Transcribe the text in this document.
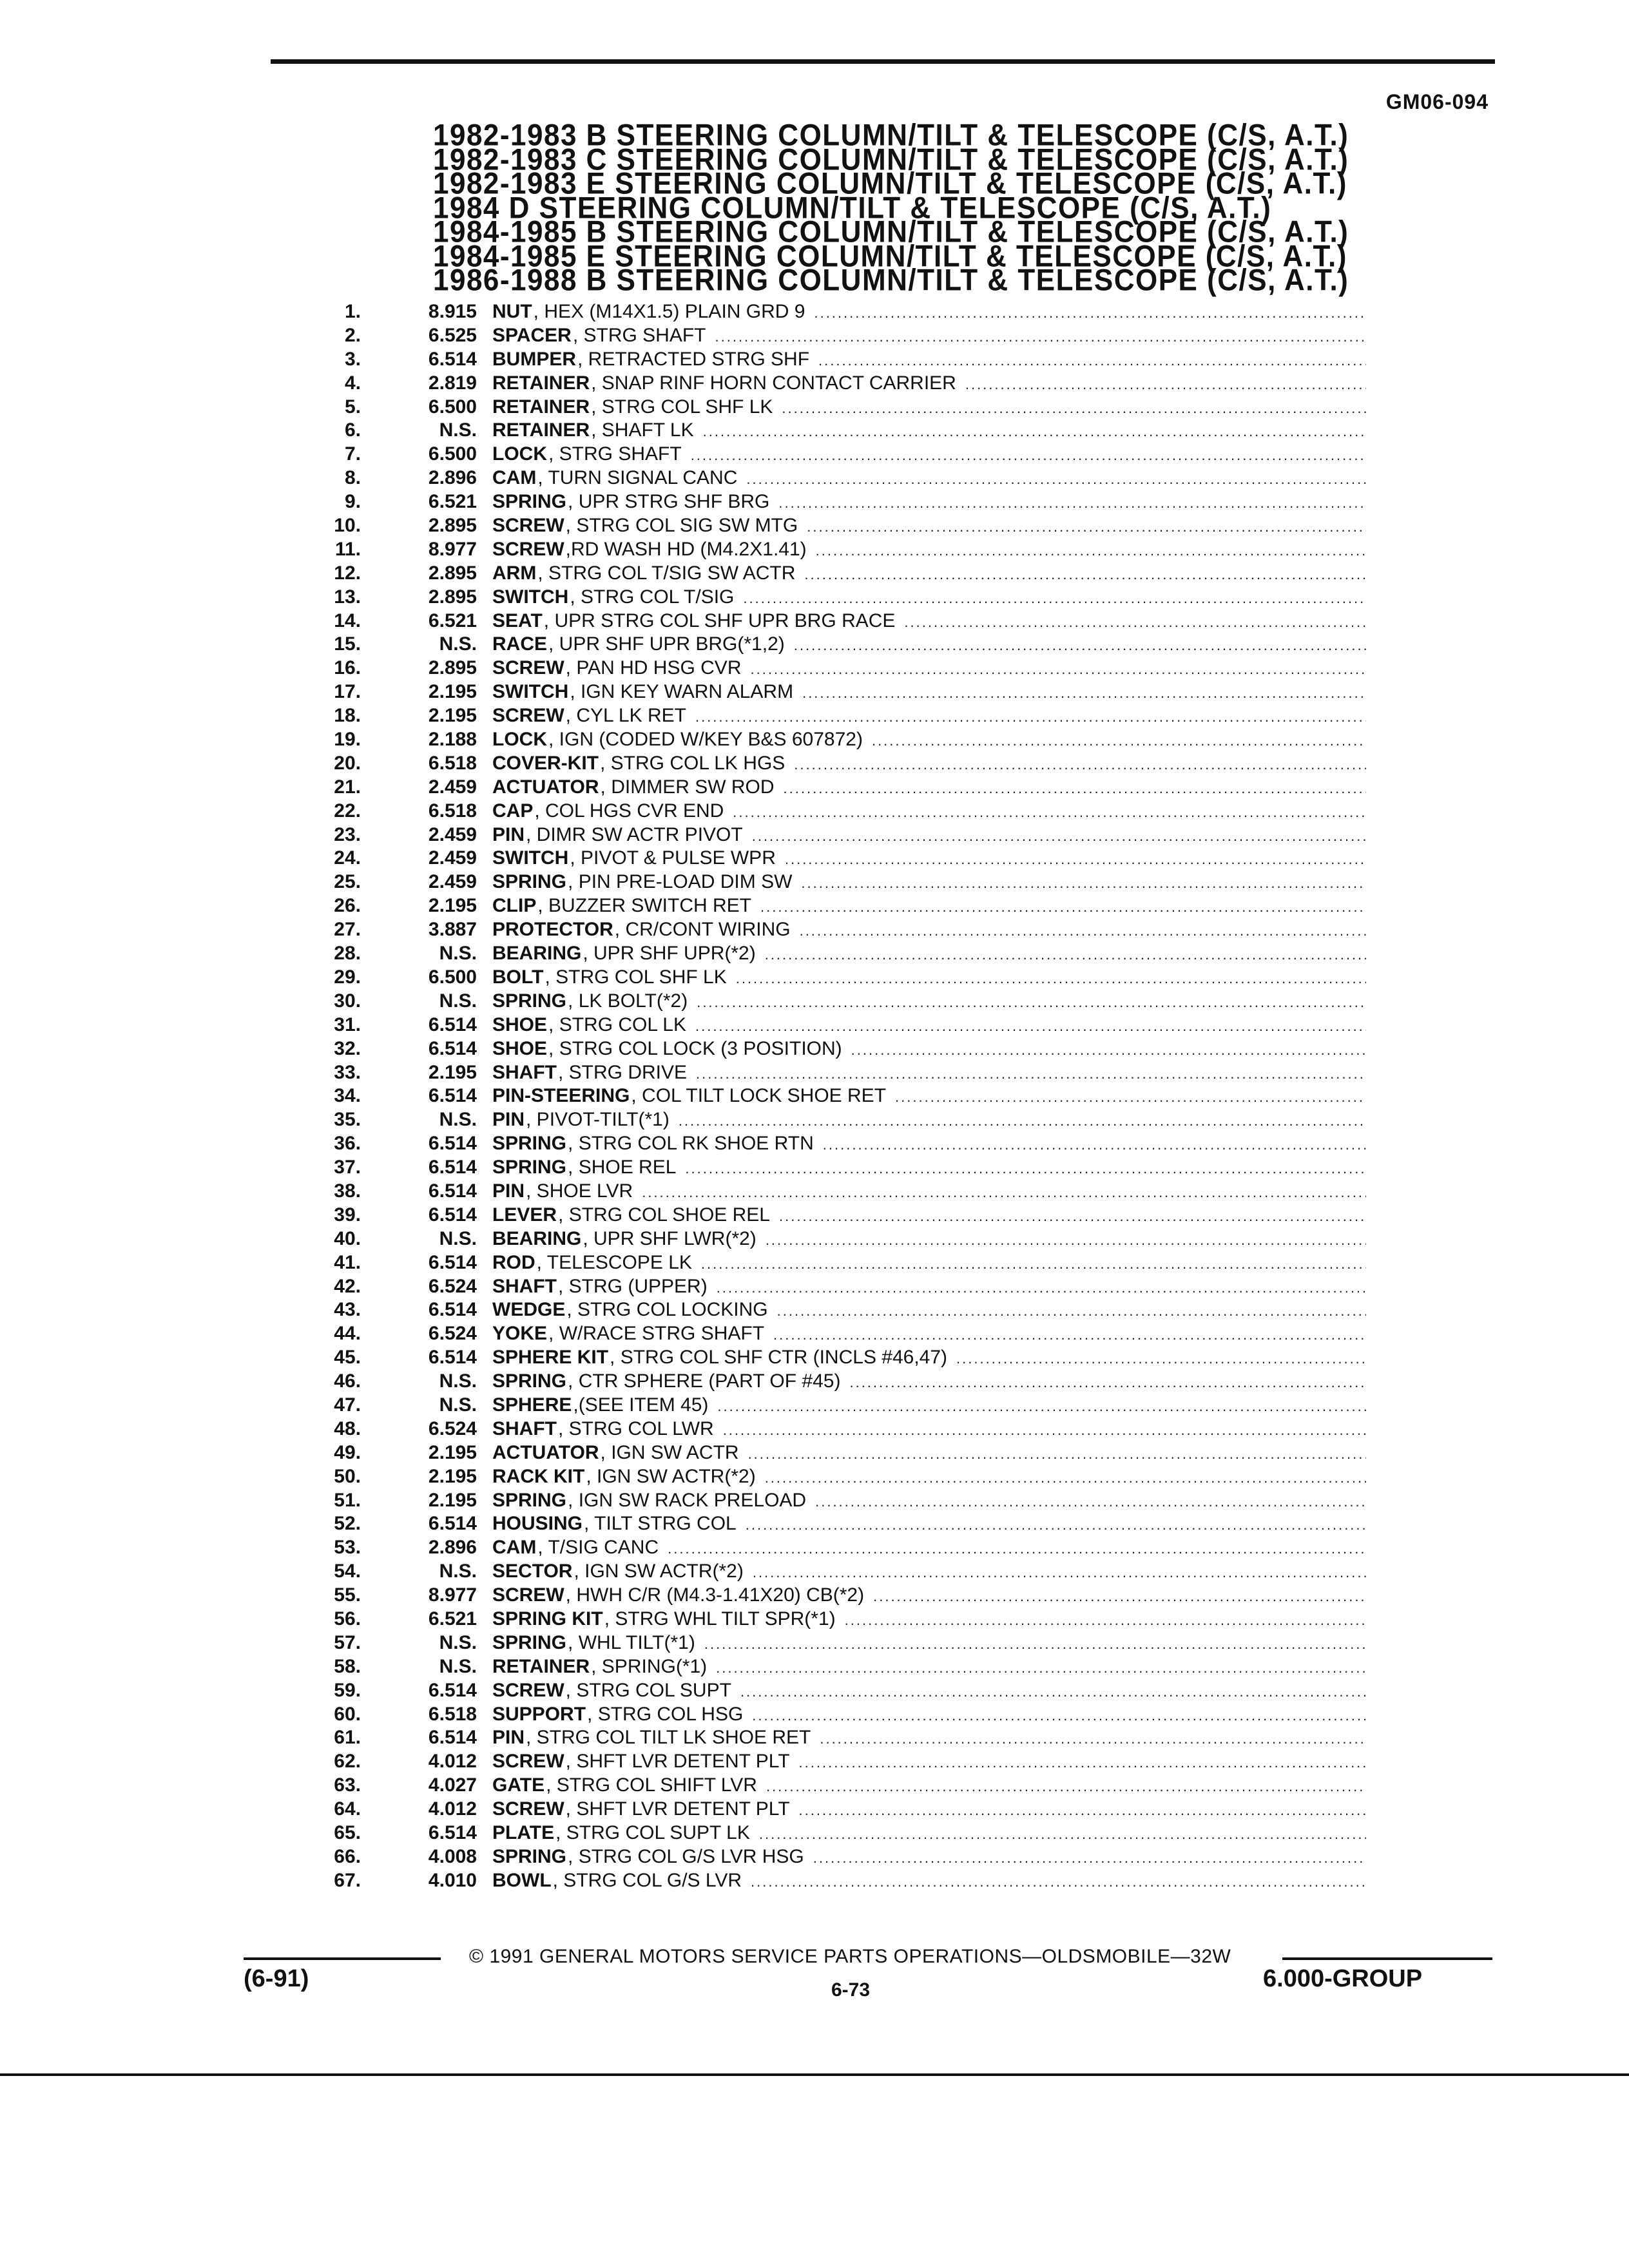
GM06-094
1982-1983 B STEERING COLUMN/TILT & TELESCOPE (C/S, A.T.)
1982-1983 C STEERING COLUMN/TILT & TELESCOPE (C/S, A.T.)
1982-1983 E STEERING COLUMN/TILT & TELESCOPE (C/S, A.T.)
1984 D STEERING COLUMN/TILT & TELESCOPE (C/S, A.T.)
1984-1985 B STEERING COLUMN/TILT & TELESCOPE (C/S, A.T.)
1984-1985 E STEERING COLUMN/TILT & TELESCOPE (C/S, A.T.)
1986-1988 B STEERING COLUMN/TILT & TELESCOPE (C/S, A.T.)
1.	8.915 NUT , HEX (M14X1.5) PLAIN GRD 9
.....
2.	6.525 SPACER , STRG SHAFT
.....
3.	6.514 BUMPER , RETRACTED STRG SHF
.....
4.	2.819 RETAINER , SNAP RINF HORN CONTACT CARRIER
.....
5.	6.500 RETAINER , STRG COL SHF LK
.....
6.	N.S. RETAINER , SHAFT LK
.....
7.	6.500 LOCK , STRG SHAFT
.....
8.	2.896 CAM , TURN SIGNAL CANC
.....
9.	6.521 SPRING , UPR STRG SHF BRG
.....
10.	2.895 SCREW , STRG COL SIG SW MTG
.....
11.	8.977 SCREW ,RD WASH HD (M4.2X1.41)
.....
12.	2.895 ARM , STRG COL T/SIG SW ACTR
.....
13.	2.895 SWITCH , STRG COL T/SIG
.....
14.	6.521 SEAT , UPR STRG COL SHF UPR BRG RACE
.....
15.	N.S. RACE , UPR SHF UPR BRG(*1,2)
.....
16.	2.895 SCREW , PAN HD HSG CVR
.....
17.	2.195 SWITCH , IGN KEY WARN ALARM
.....
18.	2.195 SCREW , CYL LK RET
.....
19.	2.188 LOCK , IGN (CODED W/KEY B&S 607872)
.....
20.	6.518 COVER-KIT , STRG COL LK HGS
.....
21.	2.459 ACTUATOR , DIMMER SW ROD
.....
22.	6.518 CAP , COL HGS CVR END
.....
23.	2.459 PIN , DIMR SW ACTR PIVOT
.....
24.	2.459 SWITCH , PIVOT & PULSE WPR
.....
25.	2.459 SPRING , PIN PRE-LOAD DIM SW
.....
26.	2.195 CLIP , BUZZER SWITCH RET
.....
27.	3.887 PROTECTOR , CR/CONT WIRING
.....
28.	N.S. BEARING , UPR SHF UPR(*2)
.....
29.	6.500 BOLT , STRG COL SHF LK
.....
30.	N.S. SPRING , LK BOLT(*2)
.....
31.	6.514 SHOE , STRG COL LK
.....
32.	6.514 SHOE , STRG COL LOCK (3 POSITION)
.....
33.	2.195 SHAFT , STRG DRIVE
.....
34.	6.514 PIN-STEERING , COL TILT LOCK SHOE RET
.....
35.	N.S. PIN , PIVOT-TILT(*1)
.....
36.	6.514 SPRING , STRG COL RK SHOE RTN
.....
37.	6.514 SPRING , SHOE REL
.....
38.	6.514 PIN , SHOE LVR
.....
39.	6.514 LEVER , STRG COL SHOE REL
.....
40.	N.S. BEARING , UPR SHF LWR(*2)
.....
41.	6.514 ROD , TELESCOPE LK
.....
42.	6.524 SHAFT , STRG (UPPER)
.....
43.	6.514 WEDGE , STRG COL LOCKING
.....
44.	6.524 YOKE , W/RACE STRG SHAFT
.....
45.	6.514 SPHERE KIT , STRG COL SHF CTR (INCLS #46,47)
.....
46.	N.S. SPRING , CTR SPHERE (PART OF #45)
.....
47.	N.S. SPHERE ,(SEE ITEM 45)
.....
48.	6.524 SHAFT , STRG COL LWR
.....
49.	2.195 ACTUATOR , IGN SW ACTR
.....
50.	2.195 RACK KIT , IGN SW ACTR(*2)
.....
51.	2.195 SPRING , IGN SW RACK PRELOAD
.....
52.	6.514 HOUSING , TILT STRG COL
.....
53.	2.896 CAM , T/SIG CANC
.....
54.	N.S. SECTOR , IGN SW ACTR(*2)
.....
55.	8.977 SCREW , HWH C/R (M4.3-1.41X20) CB(*2)
.....
56.	6.521 SPRING KIT , STRG WHL TILT SPR(*1)
.....
57.	N.S. SPRING , WHL TILT(*1)
.....
58.	N.S. RETAINER , SPRING(*1)
.....
59.	6.514 SCREW , STRG COL SUPT
.....
60.	6.518 SUPPORT , STRG COL HSG
.....
61.	6.514 PIN , STRG COL TILT LK SHOE RET
.....
62.	4.012 SCREW , SHFT LVR DETENT PLT
.....
63.	4.027 GATE , STRG COL SHIFT LVR
.....
64.	4.012 SCREW , SHFT LVR DETENT PLT
.....
65.	6.514 PLATE , STRG COL SUPT LK
.....
66.	4.008 SPRING , STRG COL G/S LVR HSG
.....
67.	4.010 BOWL , STRG COL G/S LVR
.....
© 1991 GENERAL MOTORS SERVICE PARTS OPERATIONS—OLDSMOBILE—32W
(6-91)	6-73	6.000-GROUP
